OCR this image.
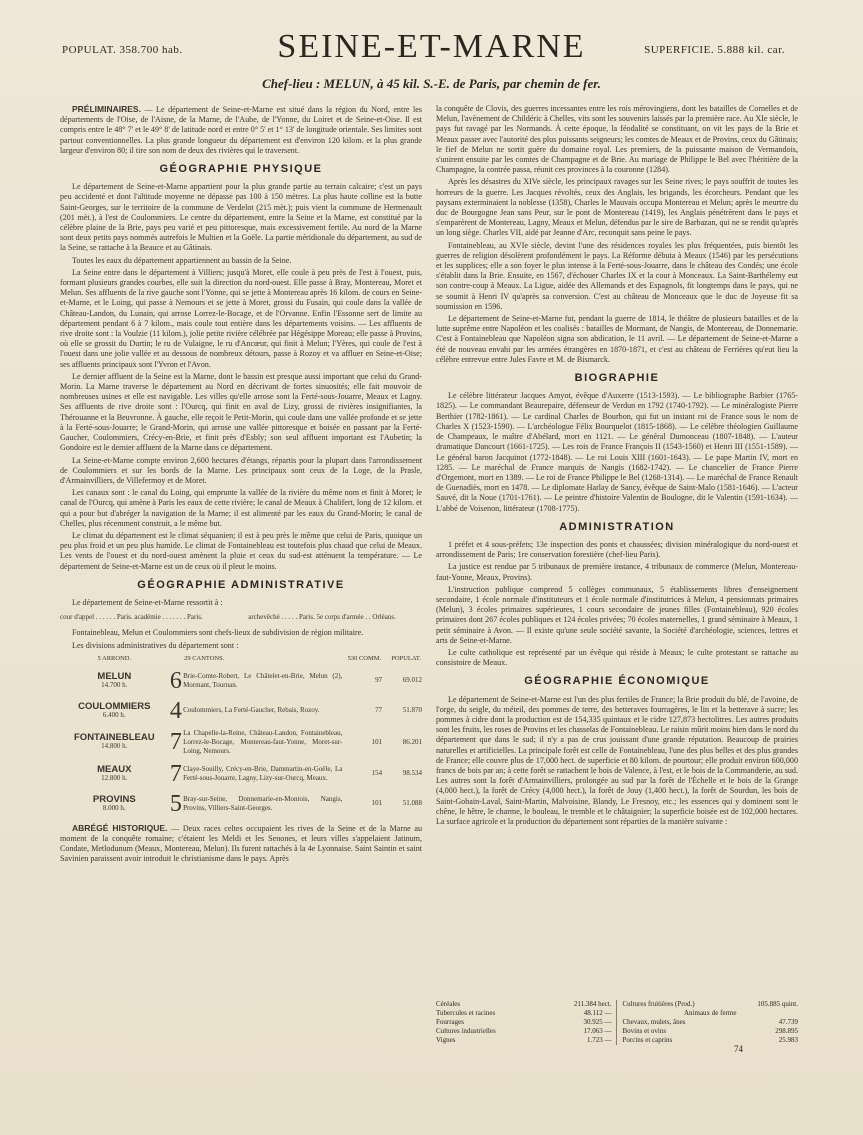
POPULAT. 358.700 hab.	SEINE-ET-MARNE	SUPERFICIE. 5.888 kil. car.
Chef-lieu : MELUN, à 45 kil. S.-E. de Paris, par chemin de fer.

PRÉLIMINAIRES. — Le département de Seine-et-Marne est situé dans la région du Nord, entre les départements de l'Oise, de l'Aisne, de la Marne, de l'Aube, de l'Yonne, du Loiret et de Seine-et-Oise. Il est compris entre le 48° 7' et le 49° 8' de latitude nord et entre 0° 5' et 1° 13' de longitude orientale. Ses limites sont partout conventionnelles. La plus grande longueur du département est d'environ 120 kilom. et la plus grande largeur d'environ 80; il tire son nom de deux des rivières qui le traversent.

GÉOGRAPHIE PHYSIQUE

Le département de Seine-et-Marne appartient pour la plus grande partie au terrain calcaire; c'est un pays peu accidenté et dont l'altitude moyenne ne dépasse pas 100 à 150 mètres. La plus haute colline est la butte Saint-Georges, sur le territoire de la commune de Verdelot (215 mèt.); puis vient la commune de Hermenault (201 mèt.), à l'est de Coulommiers. Le centre du département, entre la Seine et la Marne, est constitué par la célèbre plaine de la Brie, pays peu varié et peu pittoresque, mais excessivement fertile. Au nord de la Marne sont deux petits pays nommés autrefois le Multien et la Goële. La partie méridionale du département, au sud de la Seine, se rattache à la Beauce et au Gâtinais.

Toutes les eaux du département appartiennent au bassin de la Seine.

La Seine entre dans le département à Villiers; jusqu'à Moret, elle coule à peu près de l'est à l'ouest, puis, formant plusieurs grandes courbes, elle suit la direction du nord-ouest. Elle passe à Bray, Montereau, Moret et Melun. Ses affluents de la rive gauche sont l'Yonne, qui se jette à Montereau après 16 kilom. de cours en Seine-et-Marne, et le Loing, qui passe à Nemours et se jette à Moret, grossi du Fusain, qui coule dans la vallée de Château-Landon, du Lunain, qui arrose Lorrez-le-Bocage, et de l'Orvanne. Enfin l'Essonne sert de limite au département pendant 6 à 7 kilom., mais coule tout entière dans les départements voisins. — Les affluents de rive droite sont : la Voulzie (11 kilom.), jolie petite rivière célébrée par Hégésippe Moreau; elle passe à Provins, où elle se grossit du Durtin; le ru de Vulaigne, le ru d'Ancœur, qui finit à Melun; l'Yères, qui coule de l'est à l'ouest dans une jolie vallée et au dessous de nombreux détours, passe à Rozoy et va affluer en Seine-et-Oise; ses affluents principaux sont l'Yvron et l'Avon.

Le dernier affluent de la Seine est la Marne, dont le bassin est presque aussi important que celui du Grand-Morin. La Marne traverse le département au Nord en décrivant de fortes sinuosités; elle fait mouvoir de nombreuses usines et elle est navigable. Les villes qu'elle arrose sont la Ferté-sous-Jouarre, Meaux et Lagny. Ses affluents de rive droite sont : l'Ourcq, qui finit en aval de Lizy, grossi de rivières insignifiantes, la Thérouanne et la Beuvronne. À gauche, elle reçoit le Petit-Morin, qui coule dans une vallée profonde et se jette à la Ferté-sous-Jouarre; le Grand-Morin, qui arrose une vallée pittoresque et boisée en passant par la Ferté-Gaucher, Coulommiers, Crécy-en-Brie, et finit près d'Esbly; son seul affluent important est l'Aubetin; la Gondoire est le dernier affluent de la Marne dans ce département.

La Seine-et-Marne compte environ 2,600 hectares d'étangs, répartis pour la plupart dans l'arrondissement de Coulommiers et sur les bords de la Marne. Les principaux sont ceux de la Loge, de la Prasle, d'Armainvilliers, de Villefermoy et de Moret.

Les canaux sont : le canal du Loing, qui emprunte la vallée de la rivière du même nom et finit à Moret; le canal de l'Ourcq, qui amène à Paris les eaux de cette rivière; le canal de Meaux à Chalifert, long de 12 kilom. et qui a pour but d'abréger la navigation de la Marne; il est alimenté par les eaux du Grand-Morin; le canal de Chelles, plus récemment construit, a le même but.

Le climat du département est le climat séquanien; il est à peu près le même que celui de Paris, quoique un peu plus froid et un peu plus humide. Le climat de Fontainebleau est toutefois plus chaud que celui de Meaux. Les vents de l'ouest et du nord-ouest amènent la pluie et ceux du sud-est atténuent la température. — Le département de Seine-et-Marne est un de ceux où il pleut le moins.

GÉOGRAPHIE ADMINISTRATIVE

Le département de Seine-et-Marne ressortit à :

cour d'appel . . . . . . Paris. académie . . . . . . . Paris.	archevêché . . . . . Paris. 5e corps d'armée . . Orléans.

Fontainebleau, Melun et Coulommiers sont chefs-lieux de subdivision de région militaire.

Les divisions administratives du département sont :

5 ARROND.		29 CANTONS.	530 COMM.	POPULAT.

MELUN
14.700 h.	6	Brie-Comte-Robert, Le Châtelet-en-Brie, Melun (2), Mormant, Tournan.	97	69.012

COULOMMIERS
6.400 h.	4	Coulommiers, La Ferté-Gaucher, Rebais, Rozoy.	77	51.870

FONTAINEBLEAU
14.800 h.	7	La Chapelle-la-Reine, Château-Landon, Fontainebleau, Lorrez-le-Bocage, Montereau-faut-Yonne, Moret-sur-Loing, Nemours.	101	86.201

MEAUX
12.800 h.	7	Claye-Souilly, Crécy-en-Brie, Dammartin-en-Goële, La Ferté-sous-Jouarre, Lagny, Lizy-sur-Ourcq, Meaux.	154	98.534

PROVINS
8.000 h.	5	Bray-sur-Seine, Donnemarie-en-Montois, Nangis, Provins, Villiers-Saint-Georges.	101	51.088

ABRÉGÉ HISTORIQUE. — Deux races celtes occupaient les rives de la Seine et de la Marne au moment de la conquête romaine; c'étaient les Meldi et les Senones, et leurs villes s'appelaient Jatinum, Condate, Metlodunum (Meaux, Montereau, Melun). Ils furent rattachés à la 4e Lyonnaise. Saint Saintin et saint Savinien paraissent avoir introduit le christianisme dans le pays. Après

la conquête de Clovis, des guerres incessantes entre les rois mérovingiens, dont les batailles de Cornelles et de Melun, l'avènement de Childéric à Chelles, vits sont les souvenirs laissés par la première race. Au XIe siècle, le pays fut ravagé par les Normands. À cette époque, la féodalité se constituant, on vit les pays de la Brie et Meaux passer avec l'autorité des plus puissants seigneurs; les comtes de Meaux et de Provins, ceux du Gâtinais; le fief de Melun ne sortit guère du domaine royal. Les premiers, de la puissante maison de Vermandois, s'unirent ensuite par les comtes de Champagne et de Brie. Au mariage de Philippe le Bel avec l'héritière de la Champagne, la contrée passa, réunit ces provinces à la couronne (1284).

Après les désastres du XIVe siècle, les principaux ravages sur les Seine rives; le pays souffrit de toutes les horreurs de la guerre. Les Jacques révoltés, ceux des Anglais, les brigands, les écorcheurs. Pendant que les paysans exterminaient la noblesse (1358), Charles le Mauvais occupa Montereau et Melun; après le meurtre du duc de Bourgogne Jean sans Peur, sur le pont de Montereau (1419), les Anglais pénétrèrent dans le pays et s'emparèrent de Montereau, Lagny, Meaux et Melun, défendus par le sire de Barbazan, qui ne se rendit qu'après un long siège. Charles VII, aidé par Jeanne d'Arc, reconquit sans peine le pays.

Fontainebleau, au XVIe siècle, devint l'une des résidences royales les plus fréquentées, puis bientôt les guerres de religion désolèrent profondément le pays. La Réforme débuta à Meaux (1546) par les persécutions et les supplices; elle a son foyer le plus intense à la Ferté-sous-Jouarre, dans le château des Condés; une école s'établit dans la Brie. Ensuite, en 1567, d'échouer Charles IX et la cour à Monceaux. La Saint-Barthélemy eut son contre-coup à Meaux. La Ligue, aidée des Allemands et des Espagnols, fit longtemps dans le pays, qui ne se soumit à Henri IV qu'après sa conversion. C'est au château de Monceaux que le duc de Joyeuse fit sa soumission en 1596.

Le département de Seine-et-Marne fut, pendant la guerre de 1814, le théâtre de plusieurs batailles et de la lutte suprême entre Napoléon et les coalisés : batailles de Mormant, de Nangis, de Montereau, de Donnemarie. C'est à Fontainebleau que Napoléon signa son abdication, le 11 avril. — Le département de Seine-et-Marne a été de nouveau envahi par les armées étrangères en 1870-1871, et c'est au château de Ferrières qu'eut lieu la célèbre entrevue entre Jules Favre et M. de Bismarck.

BIOGRAPHIE

Le célèbre littérateur Jacques Amyot, évêque d'Auxerre (1513-1593). — Le bibliographe Barbier (1765-1825). — Le commandant Beaurepaire, défenseur de Verdun en 1792 (1740-1792). — Le minéralogiste Pierre Berthier (1782-1861). — Le cardinal Charles de Bourbon, qui fut un instant roi de France sous le nom de Charles X (1523-1590). — L'archéologue Félix Bourquelot (1815-1868). — Le célèbre théologien Guillaume de Champeaux, le maître d'Abélard, mort en 1121. — Le général Dumonceau (1807-1848). — L'auteur dramatique Dancourt (1661-1725). — Les rois de France François II (1543-1560) et Henri III (1551-1589). — Le général baron Jacquinot (1772-1848). — Le roi Louis XIII (1601-1643). — Le pape Martin IV, mort en 1285. — Le maréchal de France marquis de Nangis (1682-1742). — Le chancelier de France Pierre d'Orgemont, mort en 1389. — Le roi de France Philippe le Bel (1268-1314). — Le maréchal de France Renault de Guenadiès, mort en 1478. — Le diplomate Harlay de Sancy, évêque de Saint-Malo (1581-1646). — L'acteur Sauvé, dit la Noue (1701-1761). — Le peintre d'histoire Valentin de Boulogne, dit le Valentin (1591-1634). — L'abbé de Voisenon, littérateur (1708-1775).

ADMINISTRATION

1 préfet et 4 sous-préfets; 13e inspection des ponts et chaussées; division minéralogique du nord-ouest et arrondissement de Paris; 1re conservation forestière (chef-lieu Paris).

La justice est rendue par 5 tribunaux de première instance, 4 tribunaux de commerce (Melun, Montereau-faut-Yonne, Meaux, Provins).

L'instruction publique comprend 5 collèges communaux, 5 établissements libres d'enseignement secondaire, 1 école normale d'instituteurs et 1 école normale d'institutrices à Melun, 4 pensionnats primaires (Melun), 3 écoles primaires supérieures, 1 cours secondaire de jeunes filles (Fontainebleau), 920 écoles primaires dont 267 écoles publiques et 124 écoles privées; 70 écoles maternelles, 1 grand séminaire à Meaux, 1 petit séminaire à Avon. — Il existe qu'une seule société savante, la Société d'archéologie, sciences, lettres et arts de Seine-et-Marne.

Le culte catholique est représenté par un évêque qui réside à Meaux; le culte protestant se rattache au consistoire de Meaux.

GÉOGRAPHIE ÉCONOMIQUE

Le département de Seine-et-Marne est l'un des plus fertiles de France; la Brie produit du blé, de l'avoine, de l'orge, du seigle, du méteil, des pommes de terre, des betteraves fourragères, le lin et la betterave à sucre; les pommes à cidre dont la production est de 154,335 quintaux et le cidre 127,873 hectolitres. Les autres produits sont les fruits, les roses de Provins et les chasselas de Fontainebleau. Le raisin mûrit moins bien dans le nord du département que dans le sud; il n'y a pas de crus jouissant d'une grande réputation. Beaucoup de prairies naturelles et artificielles. La principale forêt est celle de Fontainebleau, l'une des plus belles et des plus grandes de France; elle couvre plus de 17,000 hect. de superficie et 80 kilom. de pourtour; elle produit environ 600,000 francs de bois par an; à cette forêt se rattachent le bois de Valence, à l'est, et le bois de la Commanderie, au sud. Les autres sont la forêt d'Armainvilliers, prolongée au sud par la forêt de l'Échelle et le bois de la Grange (4,000 hect.), la forêt de Crécy (4,000 hect.), la forêt de Jouy (1,400 hect.), la forêt de Sourdun, les bois de Saint-Gobain-Laval, Saint-Martin, Malvoisine, Blandy, Le Fresnoy, etc.; les essences qui y dominent sont le chêne, le hêtre, le charme, le bouleau, le tremble et le châtaignier; la superficie boisée est de 102,000 hectares. La surface agricole et la production du département sont réparties de la manière suivante :

Céréales	211.384 hect.
Tubercules et racines	48.112 —
Fourrages	30.925 —
Cultures industrielles	17.063 —
Vignes	1.723 —
Cultures fruitières (Prod.)	105.885 quint.
Animaux de ferme
Chevaux, mulets, ânes	47.739
Bovins et ovins	298.895
Porcins et caprins	25.983
74
